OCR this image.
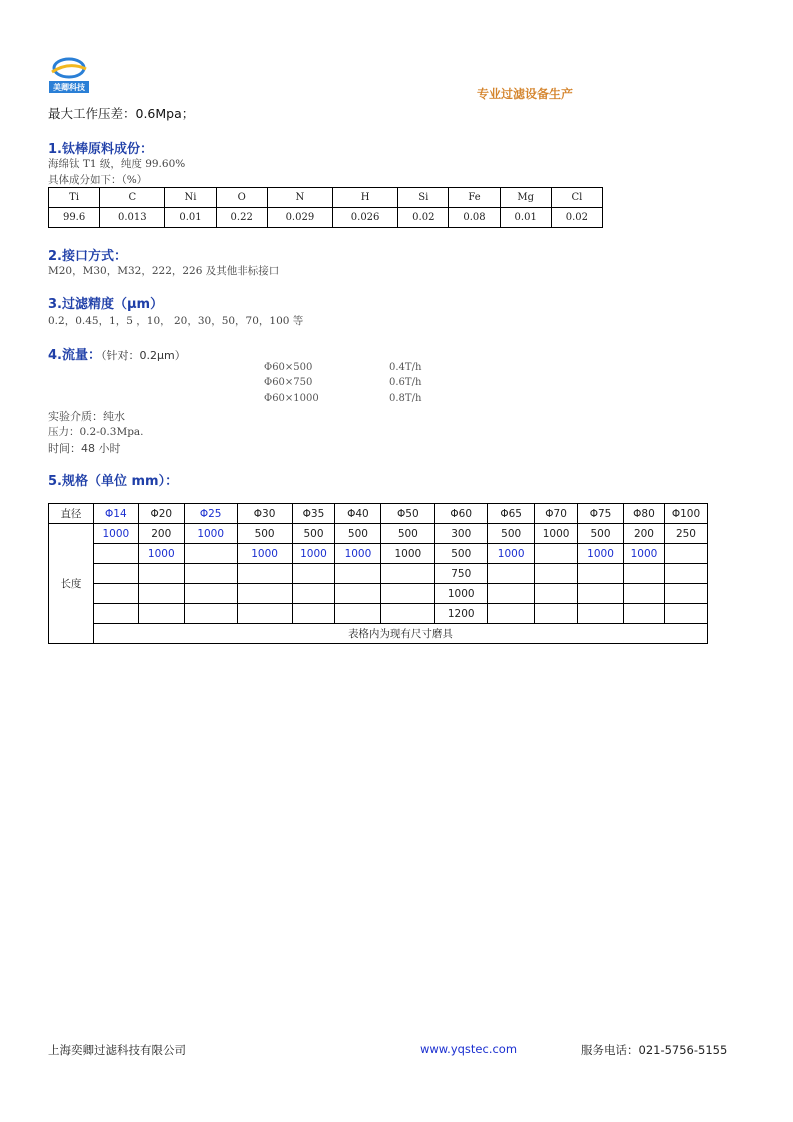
美卿科技	专业过滤设备生产
最大工作压差：0.6Mpa；
1.钛棒原料成份：
海绵钛 T1 级，纯度 99.60%
具体成分如下：（%）
Ti	C	Ni	O	N	H	Si	Fe	Mg	Cl
99.6	0.013	0.01	0.22	0.029	0.026	0.02	0.08	0.01	0.02
2.接口方式：
M20，M30，M32，222，226 及其他非标接口
3.过滤精度（μm）
0.2，0.45，1，5 ，10， 20，30，50，70，100 等
4.流量：（针对：0.2μm）
Φ60×500	0.4T/h
Φ60×750	0.6T/h
Φ60×1000	0.8T/h
实验介质：纯水
压力：0.2-0.3Mpa.
时间：48 小时
5.规格（单位 mm）：
直径	Φ14	Φ20	Φ25	Φ30	Φ35	Φ40	Φ50	Φ60	Φ65	Φ70	Φ75	Φ80	Φ100
长度	1000	200	1000	500	500	500	500	300	500	1000	500	200	250
		1000		1000	1000	1000	1000	500	1000		1000	1000	
								750					
								1000					
								1200					
	表格内为现有尺寸磨具												
上海奕卿过滤科技有限公司	www.yqstec.com	服务电话：021-5756-5155
